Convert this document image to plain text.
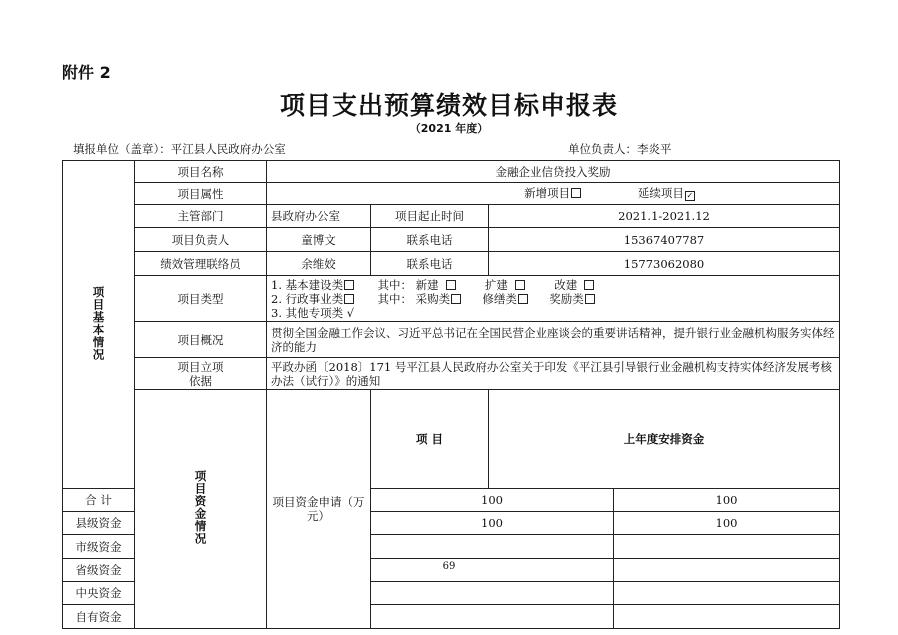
附件 2
项目支出预算绩效目标申报表
（2021 年度）
填报单位（盖章）：平江县人民政府办公室	单位负责人：李炎平
项目基本情况	项目名称	金融企业信贷投入奖励				
	项目属性	新增项目 延续项目 ✓				
	主管部门	县政府办公室	项目起止时间	2021.1-2021.12		
	项目负责人	童博文	联系电话	15367407787		
	绩效管理联络员	余维姣	联系电话	15773062080		
	项目类型	1. 基本建设类 其中： 新建 扩建 改建
2. 行政事业类 其中： 采购类 修缮类 奖励类
3. 其他专项类 √				

	项目概况	贯彻全国金融工作会议、习近平总书记在全国民营企业座谈会的重要讲话精神，提升银行业金融机构服务实体经济的能力				
	项目立项
依据	平政办函〔2018〕171 号平江县人民政府办公室关于印发《平江县引导银行业金融机构支持实体经济发展考核办法（试行）》的通知				
	项目资金情况	项目资金申请（万元）	项 目	上年度安排资金	
合 计			100		100	
县级资金			100		100	
市级资金						
省级资金						
中央资金						
自有资金						
69
